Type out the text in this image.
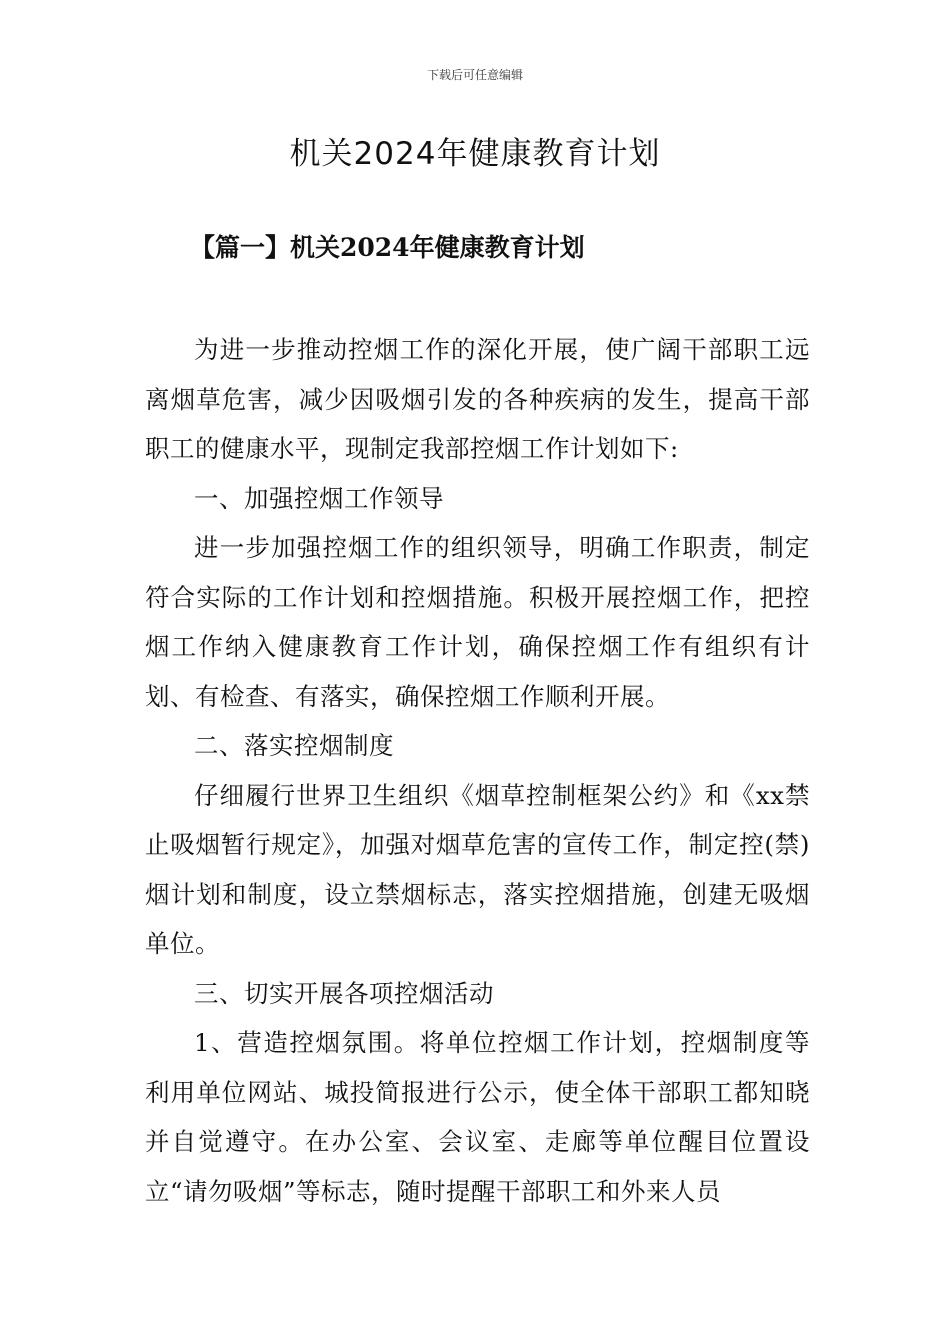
下载后可任意编辑
机关2024年健康教育计划
【篇一】机关2024年健康教育计划

为进一步推动控烟工作的深化开展，使广阔干部职工远离烟草危害，减少因吸烟引发的各种疾病的发生，提高干部职工的健康水平，现制定我部控烟工作计划如下:

一、加强控烟工作领导

进一步加强控烟工作的组织领导，明确工作职责，制定符合实际的工作计划和控烟措施。积极开展控烟工作，把控烟工作纳入健康教育工作计划，确保控烟工作有组织有计划、有检查、有落实，确保控烟工作顺利开展。

二、落实控烟制度

仔细履行世界卫生组织《烟草控制框架公约》和《xx禁止吸烟暂行规定》，加强对烟草危害的宣传工作，制定控(禁)烟计划和制度，设立禁烟标志，落实控烟措施，创建无吸烟单位。

三、切实开展各项控烟活动

1、营造控烟氛围。将单位控烟工作计划，控烟制度等利用单位网站、城投简报进行公示，使全体干部职工都知晓并自觉遵守。在办公室、会议室、走廊等单位醒目位置设立“请勿吸烟”等标志，随时提醒干部职工和外来人员
